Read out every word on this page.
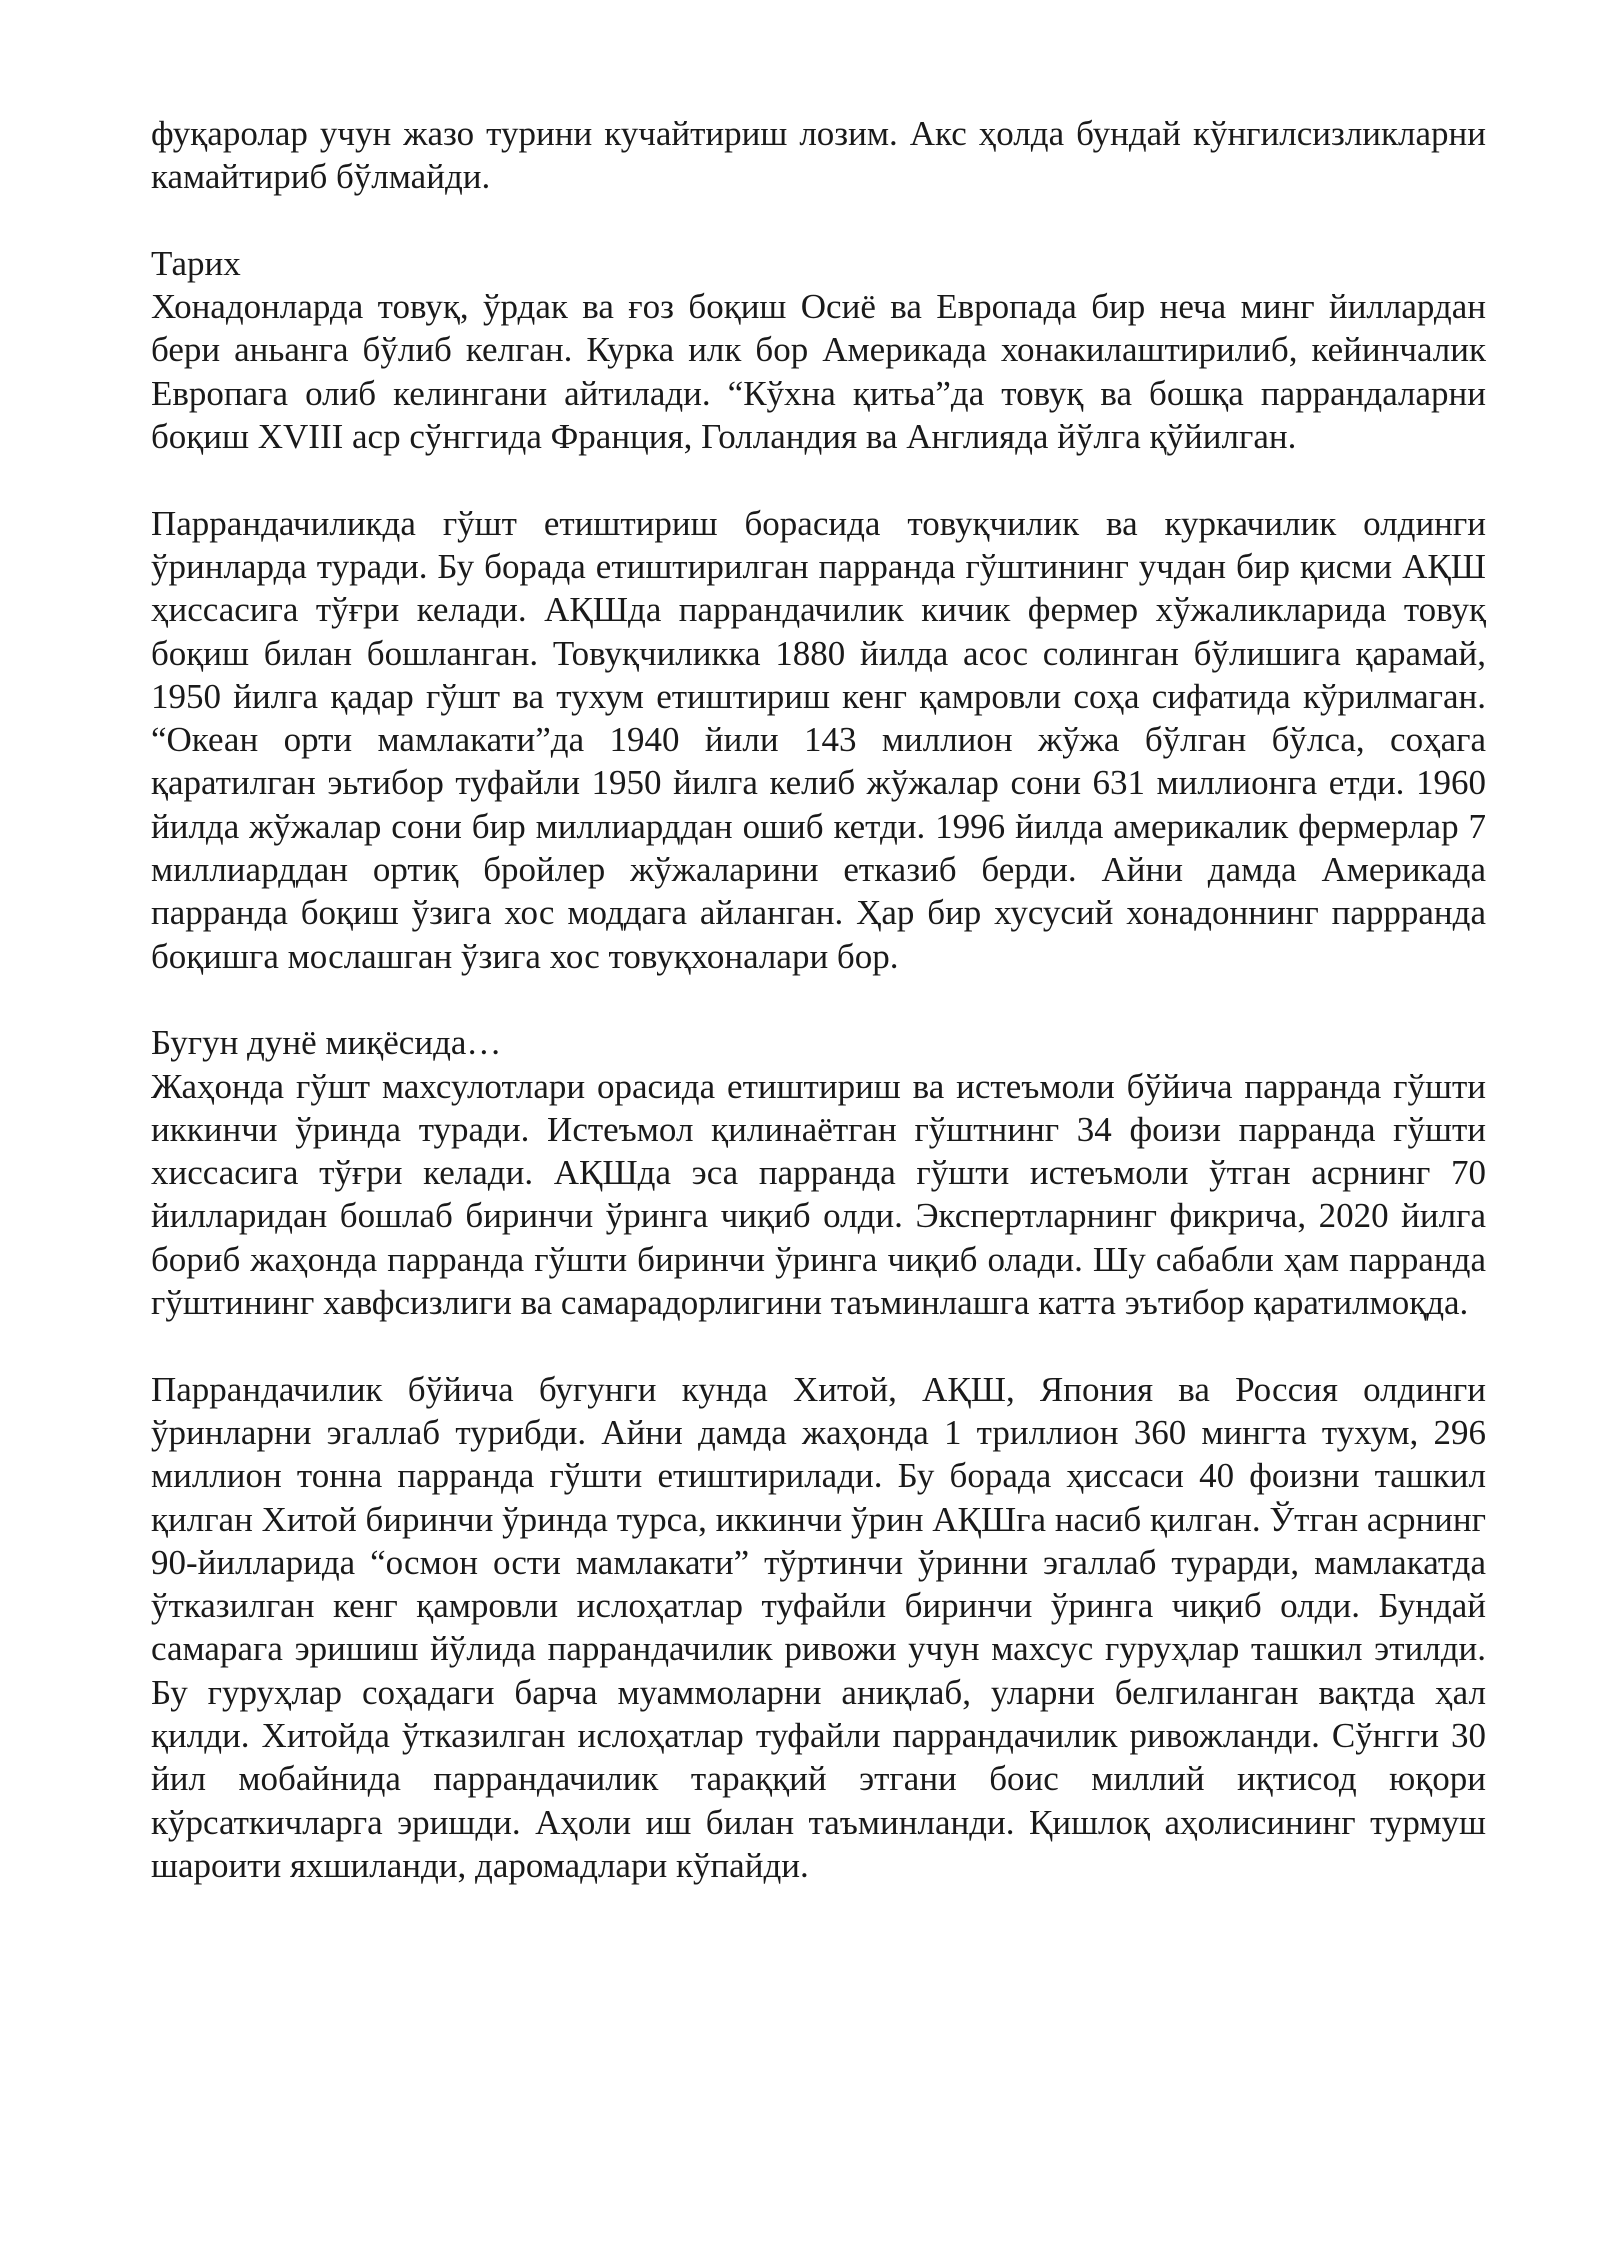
фуқаролар учун жазо турини кучайтириш лозим. Акс ҳолда бундай кўнгилсизликларни камайтириб бўлмайди.

Тарих

Хонадонларда товуқ, ўрдак ва ғоз боқиш Осиё ва Европада бир неча минг йиллардан бери аньанга бўлиб келган. Курка илк бор Америкада хонакилаштирилиб, кейинчалик Европага олиб келингани айтилади. “Кўхна қитьа”да товуқ ва бошқа паррандаларни боқиш XVIII аср сўнггида Франция, Голландия ва Англияда йўлга қўйилган.

Паррандачиликда гўшт етиштириш борасида товуқчилик ва куркачилик олдинги ўринларда туради. Бу борада етиштирилган парранда гўштининг учдан бир қисми АҚШ ҳиссасига тўғри келади. АҚШда паррандачилик кичик фермер хўжаликларида товуқ боқиш билан бошланган. Товуқчиликка 1880 йилда асос солинган бўлишига қарамай, 1950 йилга қадар гўшт ва тухум етиштириш кенг қамровли соҳа сифатида кўрилмаган. “Океан орти мамлакати”да 1940 йили 143 миллион жўжа бўлган бўлса, соҳага қаратилган эьтибор туфайли 1950 йилга келиб жўжалар сони 631 миллионга етди. 1960 йилда жўжалар сони бир миллиарддан ошиб кетди. 1996 йилда америкалик фермерлар 7 миллиарддан ортиқ бройлер жўжаларини етказиб берди. Айни дамда Америкада парранда боқиш ўзига хос моддага айланган. Ҳар бир хусусий хонадоннинг паррранда боқишга мослашган ўзига хос товуқхоналари бор.

Бугун дунё миқёсида…

Жаҳонда гўшт махсулотлари орасида етиштириш ва истеъмоли бўйича парранда гўшти иккинчи ўринда туради. Истеъмол қилинаётган гўштнинг 34 фоизи парранда гўшти хиссасига тўғри келади. АҚШда эса парранда гўшти истеъмоли ўтган асрнинг 70 йилларидан бошлаб биринчи ўринга чиқиб олди. Экспертларнинг фикрича, 2020 йилга бориб жаҳонда парранда гўшти биринчи ўринга чиқиб олади. Шу сабабли ҳам парранда гўштининг хавфсизлиги ва самарадорлигини таъминлашга катта эътибор қаратилмоқда.

Паррандачилик бўйича бугунги кунда Хитой, АҚШ, Япония ва Россия олдинги ўринларни эгаллаб турибди. Айни дамда жаҳонда 1 триллион 360 мингта тухум, 296 миллион тонна парранда гўшти етиштирилади. Бу борада ҳиссаси 40 фоизни ташкил қилган Хитой биринчи ўринда турса, иккинчи ўрин АҚШга насиб қилган. Ўтган асрнинг 90-йилларида “осмон ости мамлакати” тўртинчи ўринни эгаллаб турарди, мамлакатда ўтказилган кенг қамровли ислоҳатлар туфайли биринчи ўринга чиқиб олди. Бундай самарага эришиш йўлида паррандачилик ривожи учун махсус гуруҳлар ташкил этилди. Бу гуруҳлар соҳадаги барча муаммоларни аниқлаб, уларни белгиланган вақтда ҳал қилди. Хитойда ўтказилган ислоҳатлар туфайли паррандачилик ривожланди. Сўнгги 30 йил мобайнида паррандачилик тараққий этгани боис миллий иқтисод юқори кўрсаткичларга эришди. Аҳоли иш билан таъминланди. Қишлоқ аҳолисининг турмуш шароити яхшиланди, даромадлари кўпайди.
